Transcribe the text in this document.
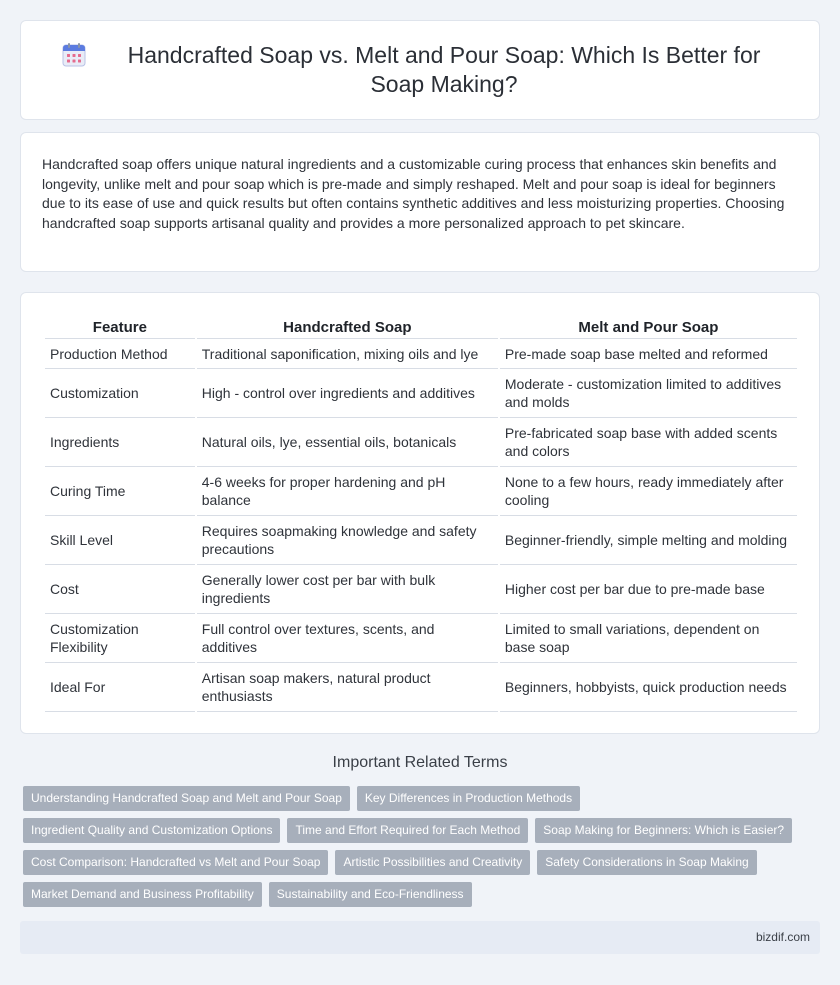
Handcrafted Soap vs. Melt and Pour Soap: Which Is Better for Soap Making?

Handcrafted soap offers unique natural ingredients and a customizable curing process that enhances skin benefits and longevity, unlike melt and pour soap which is pre-made and simply reshaped. Melt and pour soap is ideal for beginners due to its ease of use and quick results but often contains synthetic additives and less moisturizing properties. Choosing handcrafted soap supports artisanal quality and provides a more personalized approach to pet skincare.

Feature	Handcrafted Soap	Melt and Pour Soap
Production Method	Traditional saponification, mixing oils and lye	Pre-made soap base melted and reformed
Customization	High - control over ingredients and additives	Moderate - customization limited to additives and molds
Ingredients	Natural oils, lye, essential oils, botanicals	Pre-fabricated soap base with added scents and colors
Curing Time	4-6 weeks for proper hardening and pH balance	None to a few hours, ready immediately after cooling
Skill Level	Requires soapmaking knowledge and safety precautions	Beginner-friendly, simple melting and molding
Cost	Generally lower cost per bar with bulk ingredients	Higher cost per bar due to pre-made base
Customization Flexibility	Full control over textures, scents, and additives	Limited to small variations, dependent on base soap
Ideal For	Artisan soap makers, natural product enthusiasts	Beginners, hobbyists, quick production needs
Important Related Terms
Understanding Handcrafted Soap and Melt and Pour Soap	Key Differences in Production Methods
Ingredient Quality and Customization Options	Time and Effort Required for Each Method	Soap Making for Beginners: Which is Easier?
Cost Comparison: Handcrafted vs Melt and Pour Soap	Artistic Possibilities and Creativity	Safety Considerations in Soap Making
Market Demand and Business Profitability	Sustainability and Eco-Friendliness
bizdif.com
